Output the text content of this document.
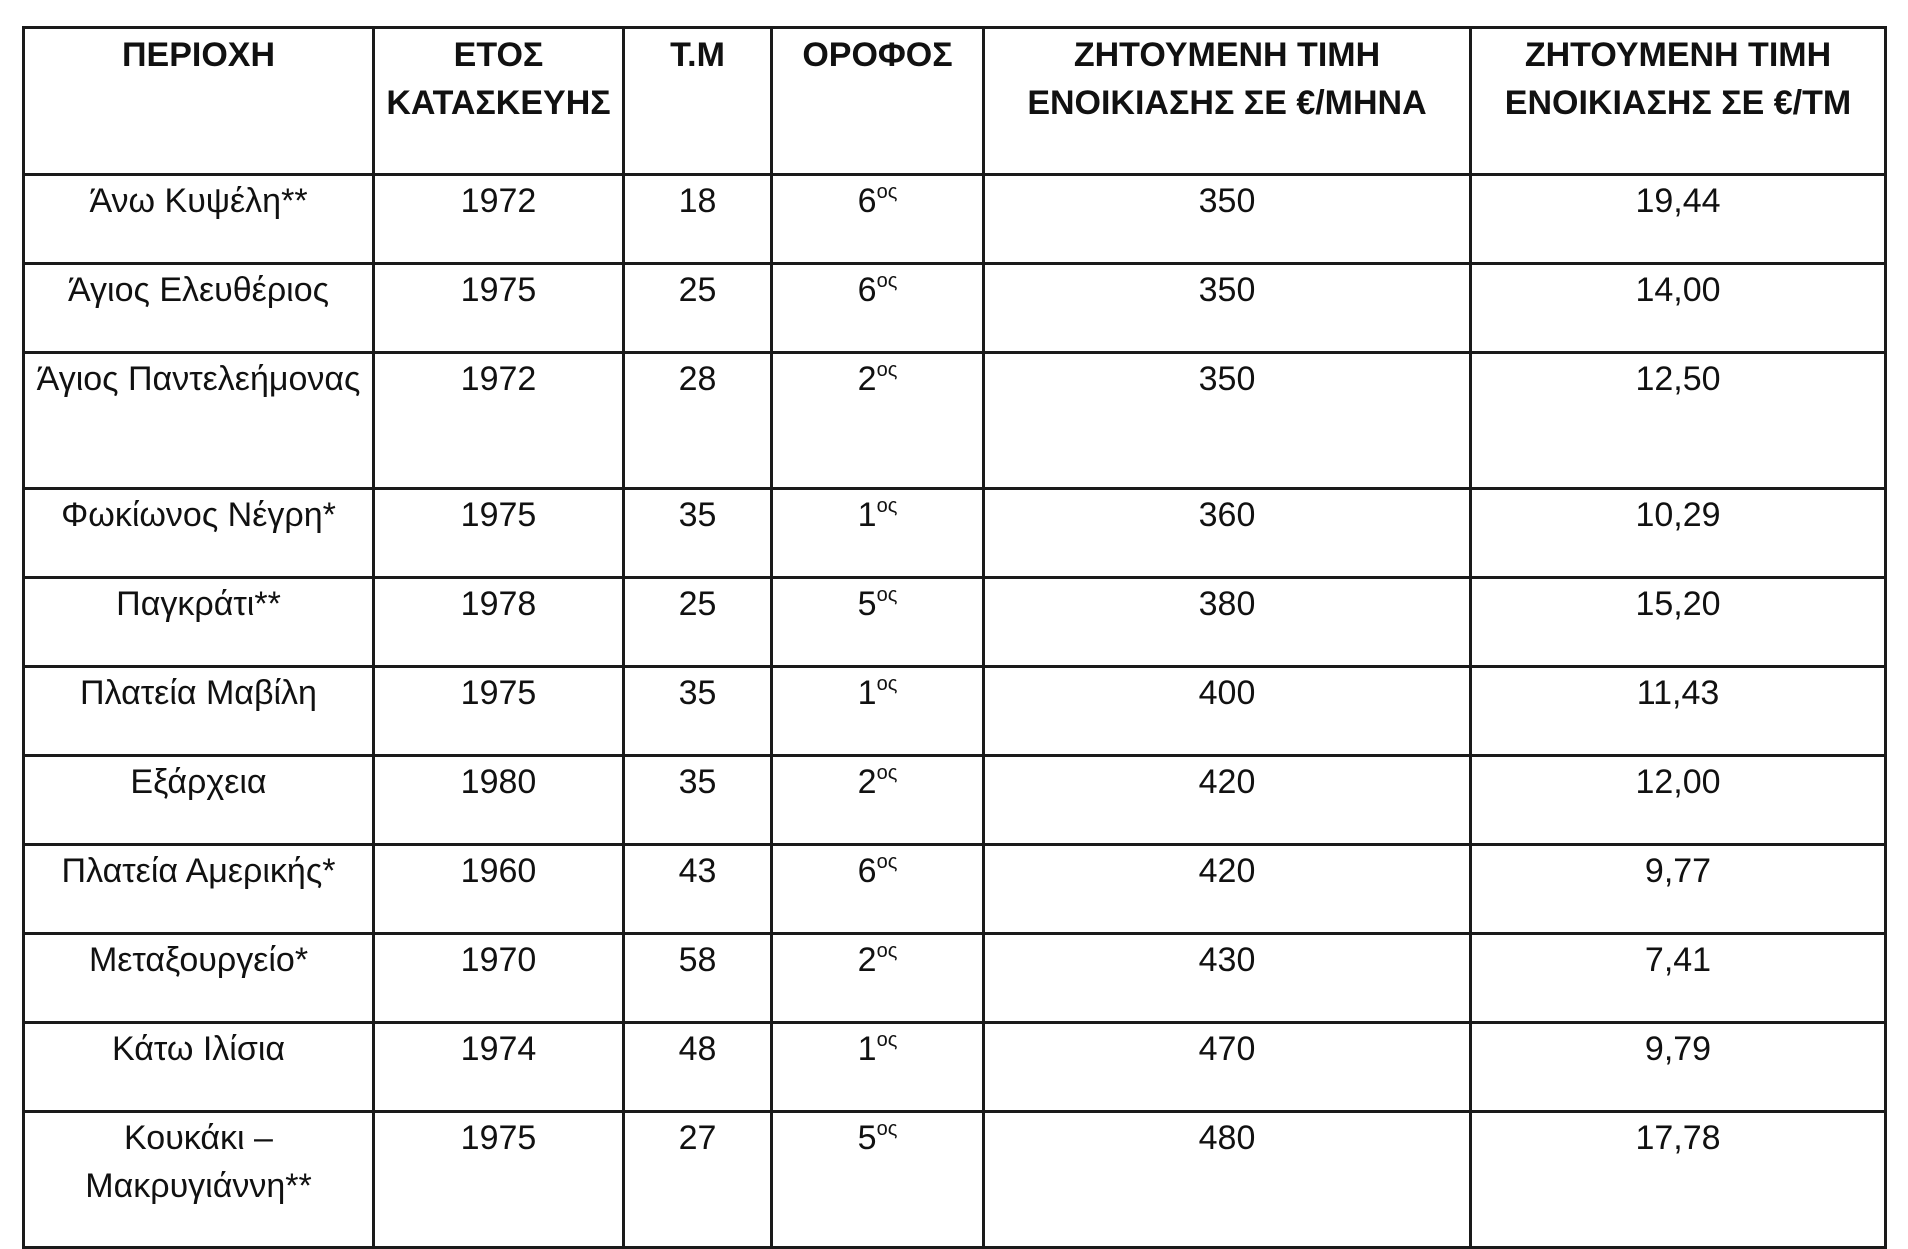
ΠΕΡΙΟΧΗ	ΕΤΟΣ ΚΑΤΑΣΚΕΥΗΣ	Τ.Μ	ΟΡΟΦΟΣ	ΖΗΤΟΥΜΕΝΗ ΤΙΜΗ ΕΝΟΙΚΙΑΣΗΣ ΣΕ €/ΜΗΝΑ	ΖΗΤΟΥΜΕΝΗ ΤΙΜΗ ΕΝΟΙΚΙΑΣΗΣ ΣΕ €/ΤΜ
Άνω Κυψέλη**	1972	18	$6^{o\varsigma}$	350	19,44
Άγιος Ελευθέριος	1975	25	$6^{o\varsigma}$	350	14,00
Άγιος Παντελεήμονας	1972	28	$2^{o\varsigma}$	350	12,50
Φωκίωνος Νέγρη*	1975	35	$1^{o\varsigma}$	360	10,29
Παγκράτι**	1978	25	$5^{o\varsigma}$	380	15,20
Πλατεία Μαβίλη	1975	35	$1^{o\varsigma}$	400	11,43
Εξάρχεια	1980	35	$2^{o\varsigma}$	420	12,00
Πλατεία Αμερικής*	1960	43	$6^{o\varsigma}$	420	9,77
Μεταξουργείο*	1970	58	$2^{o\varsigma}$	430	7,41
Κάτω Ιλίσια	1974	48	$1^{o\varsigma}$	470	9,79
Κουκάκι – Μακρυγιάννη**	1975	27	$5^{o\varsigma}$	480	17,78
